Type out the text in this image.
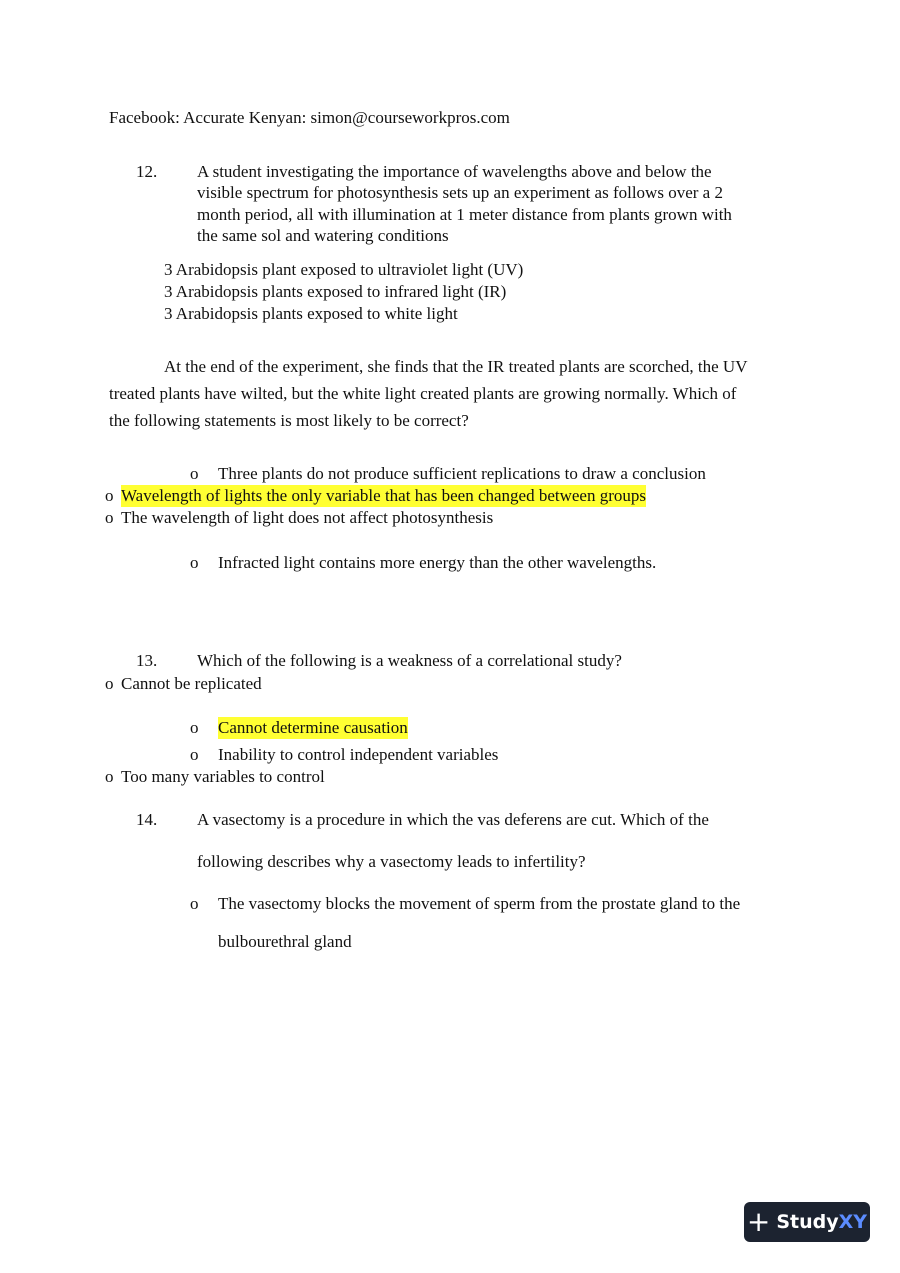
Facebook: Accurate Kenyan: simon@courseworkpros.com
12. A student investigating the importance of wavelengths above and below the
visible spectrum for photosynthesis sets up an experiment as follows over a 2
month period, all with illumination at 1 meter distance from plants grown with
the same sol and watering conditions
3 Arabidopsis plant exposed to ultraviolet light (UV)
3 Arabidopsis plants exposed to infrared light (IR)
3 Arabidopsis plants exposed to white light
At the end of the experiment, she finds that the IR treated plants are scorched, the UV
treated plants have wilted, but the white light created plants are growing normally. Which of
the following statements is most likely to be correct?
o Three plants do not produce sufficient replications to draw a conclusion
o Wavelength of lights the only variable that has been changed between groups
o The wavelength of light does not affect photosynthesis
o Infracted light contains more energy than the other wavelengths.
13. Which of the following is a weakness of a correlational study?
o Cannot be replicated
o Cannot determine causation
o Inability to control independent variables
o Too many variables to control
14. A vasectomy is a procedure in which the vas deferens are cut. Which of the
following describes why a vasectomy leads to infertility?
o The vasectomy blocks the movement of sperm from the prostate gland to the
bulbourethral gland
+ Study XY
